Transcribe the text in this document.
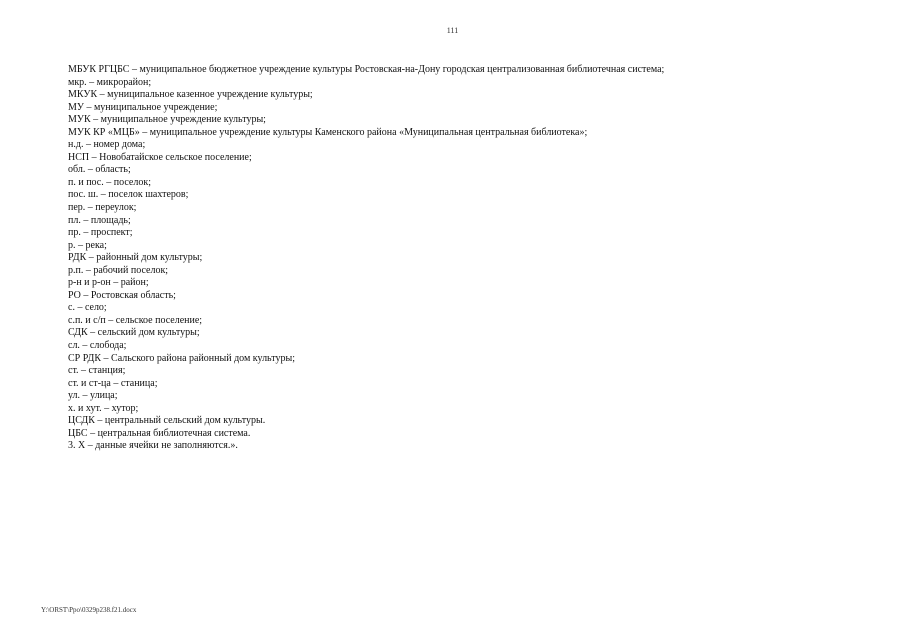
111
МБУК РГЦБС – муниципальное бюджетное учреждение культуры Ростовская-на-Дону городская централизованная библиотечная система;
мкр. – микрорайон;
МКУК – муниципальное казенное учреждение культуры;
МУ – муниципальное учреждение;
МУК – муниципальное учреждение культуры;
МУК КР «МЦБ» – муниципальное учреждение культуры Каменского района «Муниципальная центральная библиотека»;
н.д. – номер дома;
НСП – Новобатайское сельское поселение;
обл. – область;
п. и пос. – поселок;
пос. ш. – поселок шахтеров;
пер. – переулок;
пл. – площадь;
пр. – проспект;
р. – река;
РДК – районный дом культуры;
р.п. – рабочий поселок;
р-н и р-он – район;
РО – Ростовская область;
с. – село;
с.п. и с/п – сельское поселение;
СДК – сельский дом культуры;
сл. – слобода;
СР РДК – Сальского района районный дом культуры;
ст. – станция;
ст. и ст-ца – станица;
ул. – улица;
х. и хут. – хутор;
ЦСДК – центральный сельский дом культуры.
ЦБС – центральная библиотечная система.
3. Х – данные ячейки не заполняются.».
Y:\ORST\Ppo\0329p238.f21.docx
